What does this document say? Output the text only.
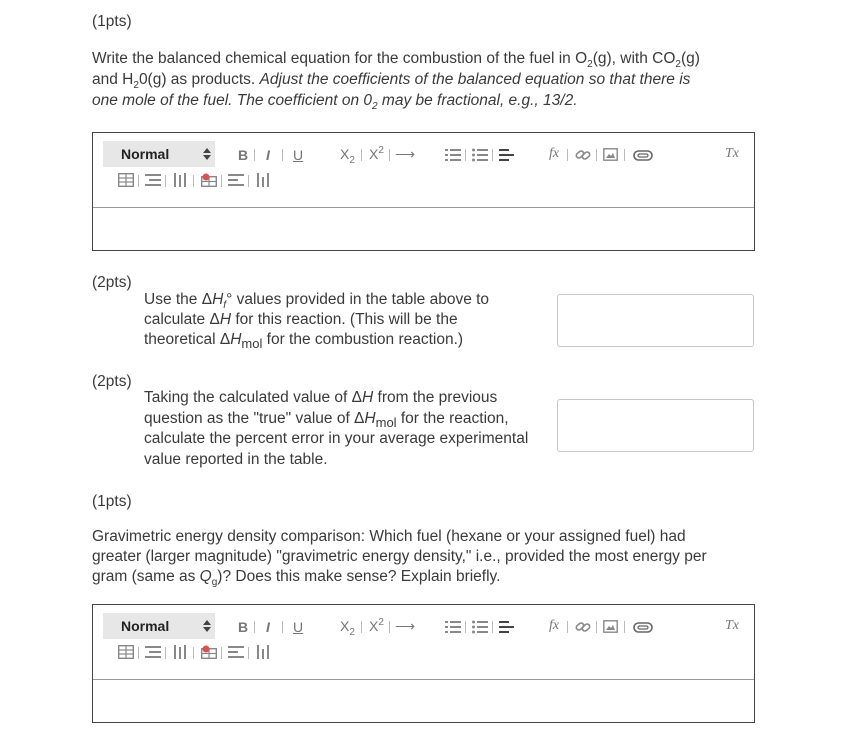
(1pts)
Write the balanced chemical equation for the combustion of the fuel in $O_2(g)$, with $CO_2(g)$
and $H_20(g)$ as products. Adjust the coefficients of the balanced equation so that there is
one mole of the fuel. The coefficient on $0_2$ may be fractional, e.g., 13/2.
Normal	B I U	$X_2$ $X^2$ ⟶	fx	Tx
(2pts)
Use the $\Delta H_f^\circ$ values provided in the table above to
calculate ΔH for this reaction. (This will be the
theoretical $\Delta H_{mol}$ for the combustion reaction.)
(2pts)
Taking the calculated value of ΔH from the previous
question as the "true" value of $\Delta H_{mol}$ for the reaction,
calculate the percent error in your average experimental
value reported in the table.
(1pts)
Gravimetric energy density comparison: Which fuel (hexane or your assigned fuel) had
greater (larger magnitude) "gravimetric energy density," i.e., provided the most energy per
gram (same as $Q_g$)? Does this make sense? Explain briefly.
Normal	B I U	$X_2$ $X^2$ ⟶	fx	Tx
